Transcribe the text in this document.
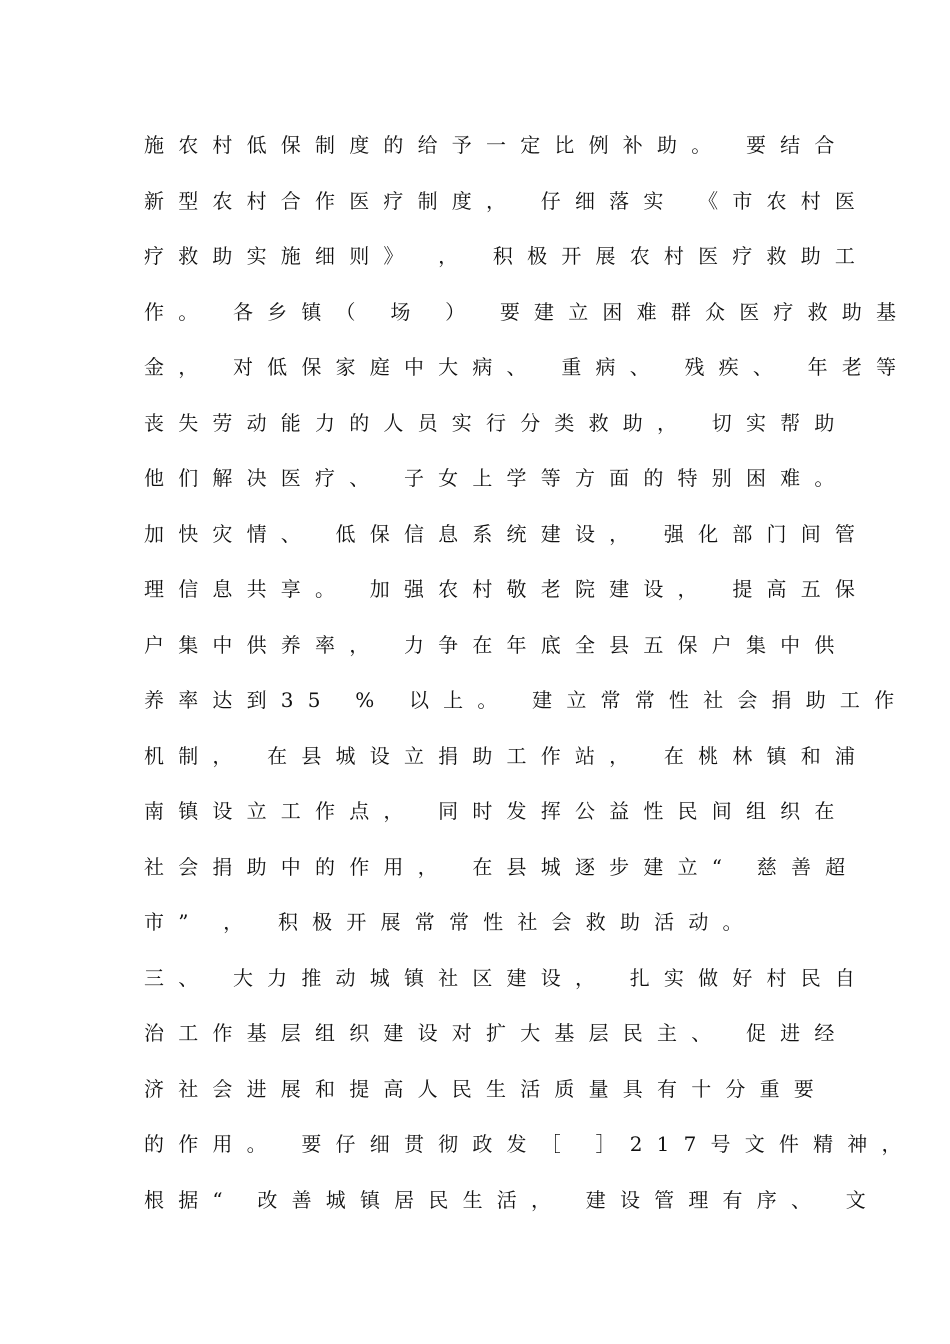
施农村低保制度的给予一定比例补助。 要结合
新型农村合作医疗制度， 仔细落实 《市农村医
疗救助实施细则》 ， 积极开展农村医疗救助工
作。 各乡镇（ 场 ） 要建立困难群众医疗救助基
金， 对低保家庭中大病、 重病、 残疾、 年老等
丧失劳动能力的人员实行分类救助， 切实帮助
他们解决医疗、 子女上学等方面的特别困难。
加快灾情、 低保信息系统建设， 强化部门间管
理信息共享。 加强农村敬老院建设， 提高五保
户集中供养率， 力争在年底全县五保户集中供
养率达到35 % 以上。 建立常常性社会捐助工作
机制， 在县城设立捐助工作站， 在桃林镇和浦
南镇设立工作点， 同时发挥公益性民间组织在
社会捐助中的作用， 在县城逐步建立“ 慈善超
市” ， 积极开展常常性社会救助活动。
三、 大力推动城镇社区建设， 扎实做好村民自
治工作基层组织建设对扩大基层民主、 促进经
济社会进展和提高人民生活质量具有十分重要
的作用。 要仔细贯彻政发［ ］217号文件精神，
根据“ 改善城镇居民生活， 建设管理有序、 文
